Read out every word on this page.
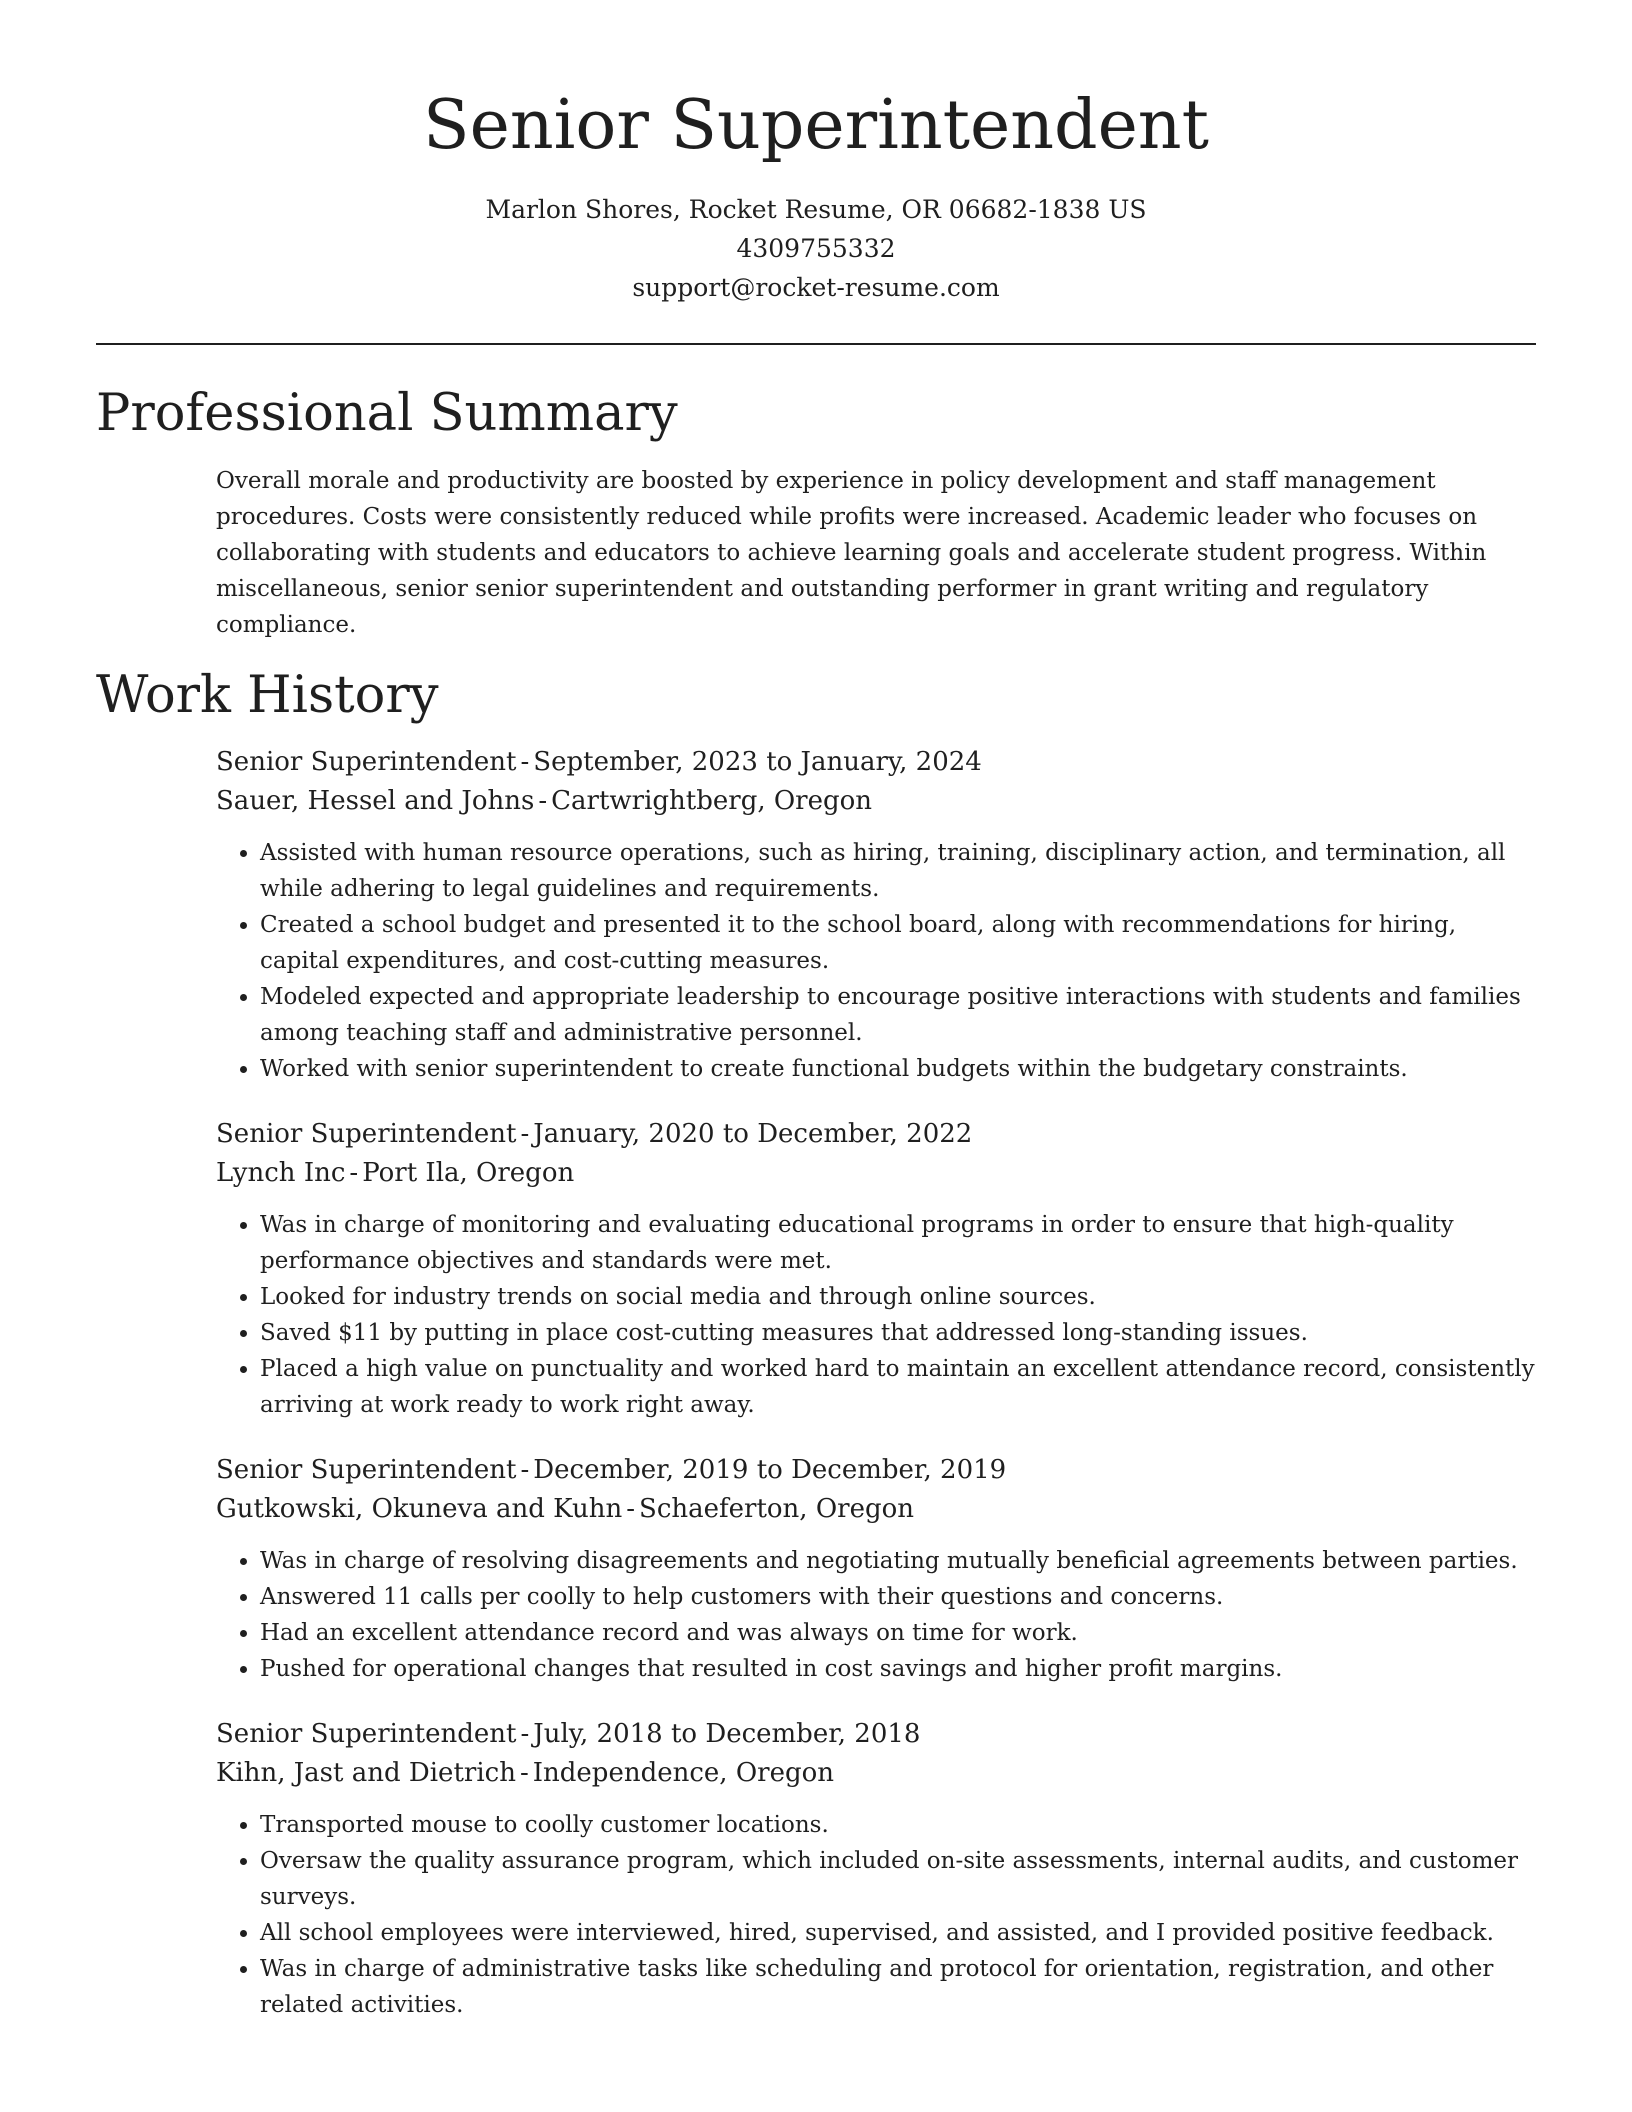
Senior Superintendent
Marlon Shores, Rocket Resume, OR 06682-1838 US
4309755332
support@rocket-resume.com
Professional Summary

Overall morale and productivity are boosted by experience in policy development and staff management procedures. Costs were consistently reduced while profits were increased. Academic leader who focuses on collaborating with students and educators to achieve learning goals and accelerate student progress. Within miscellaneous, senior senior superintendent and outstanding performer in grant writing and regulatory compliance.

Work History
Senior Superintendent - September, 2023 to January, 2024
Sauer, Hessel and Johns - Cartwrightberg, Oregon
• Assisted with human resource operations, such as hiring, training, disciplinary action, and termination, all while adhering to legal guidelines and requirements.
• Created a school budget and presented it to the school board, along with recommendations for hiring, capital expenditures, and cost-cutting measures.
• Modeled expected and appropriate leadership to encourage positive interactions with students and families among teaching staff and administrative personnel.
• Worked with senior superintendent to create functional budgets within the budgetary constraints.
Senior Superintendent - January, 2020 to December, 2022
Lynch Inc - Port Ila, Oregon
• Was in charge of monitoring and evaluating educational programs in order to ensure that high-quality performance objectives and standards were met.
• Looked for industry trends on social media and through online sources.
• Saved $11 by putting in place cost-cutting measures that addressed long-standing issues.
• Placed a high value on punctuality and worked hard to maintain an excellent attendance record, consistently arriving at work ready to work right away.
Senior Superintendent - December, 2019 to December, 2019
Gutkowski, Okuneva and Kuhn - Schaeferton, Oregon
• Was in charge of resolving disagreements and negotiating mutually beneficial agreements between parties.
• Answered 11 calls per coolly to help customers with their questions and concerns.
• Had an excellent attendance record and was always on time for work.
• Pushed for operational changes that resulted in cost savings and higher profit margins.
Senior Superintendent - July, 2018 to December, 2018
Kihn, Jast and Dietrich - Independence, Oregon
• Transported mouse to coolly customer locations.
• Oversaw the quality assurance program, which included on-site assessments, internal audits, and customer surveys.
• All school employees were interviewed, hired, supervised, and assisted, and I provided positive feedback.
• Was in charge of administrative tasks like scheduling and protocol for orientation, registration, and other related activities.
